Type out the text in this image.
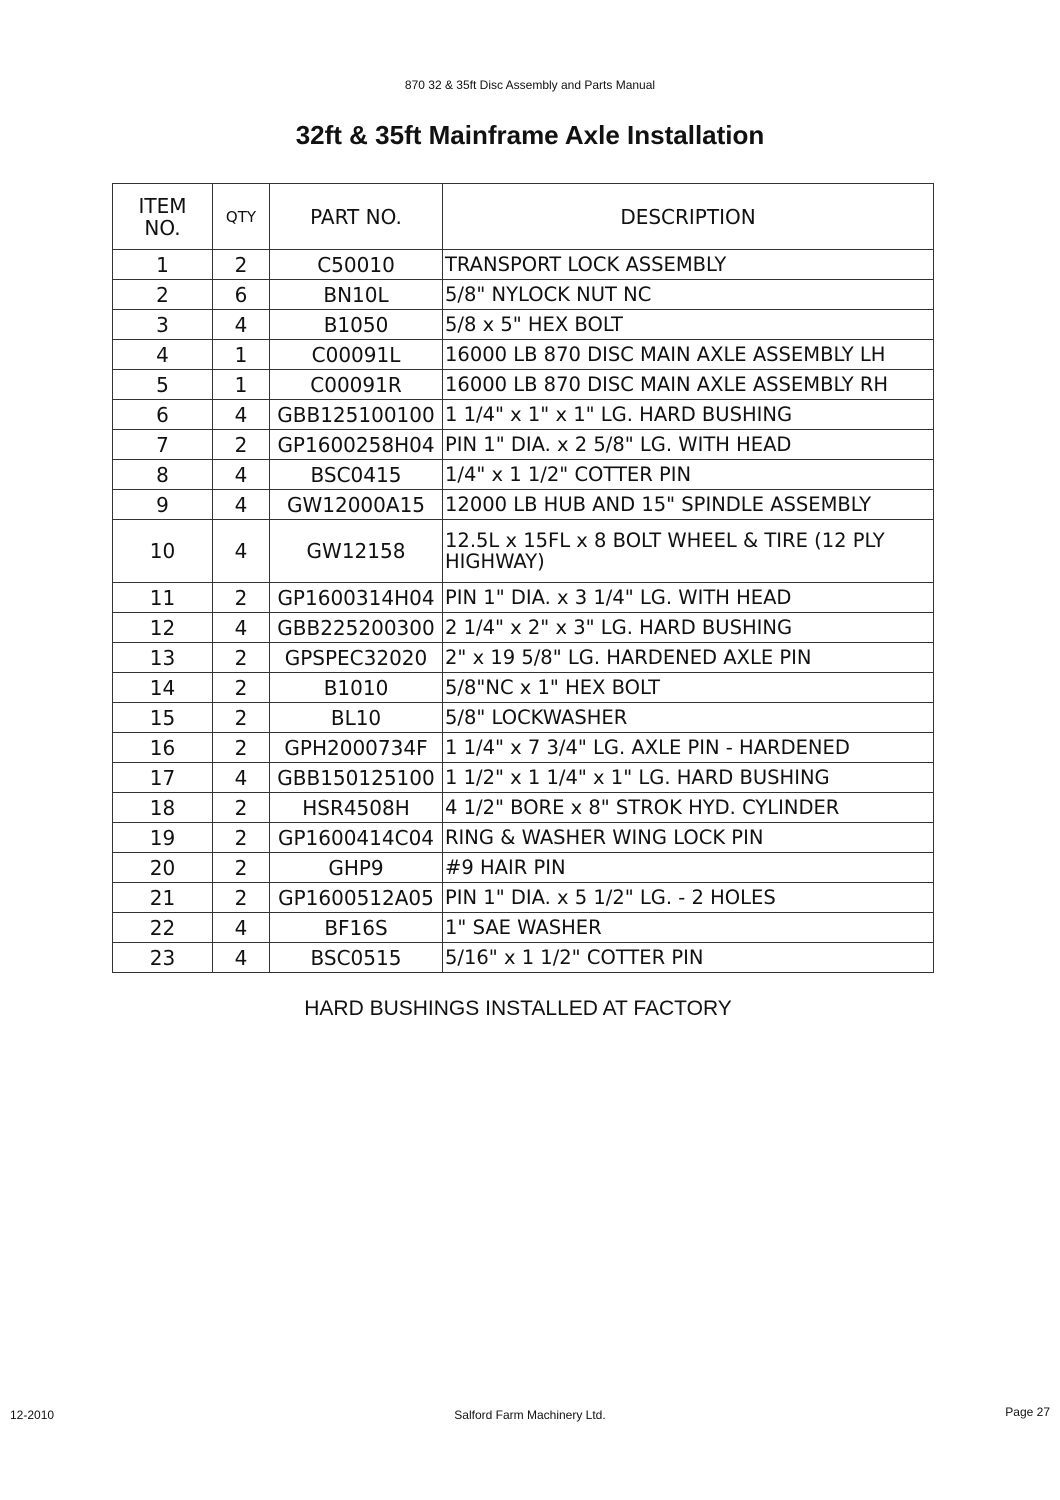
870 32 & 35ft Disc Assembly and Parts Manual
32ft & 35ft Mainframe Axle Installation
ITEM
NO.	QTY	PART NO.	DESCRIPTION
1	2	C50010	TRANSPORT LOCK ASSEMBLY
2	6	BN10L	5/8" NYLOCK NUT NC
3	4	B1050	5/8 x 5" HEX BOLT
4	1	C00091L	16000 LB 870 DISC MAIN AXLE ASSEMBLY LH
5	1	C00091R	16000 LB 870 DISC MAIN AXLE ASSEMBLY RH
6	4	GBB125100100	1 1/4" x 1" x 1" LG. HARD BUSHING
7	2	GP1600258H04	PIN 1" DIA. x 2 5/8" LG. WITH HEAD
8	4	BSC0415	1/4" x 1 1/2" COTTER PIN
9	4	GW12000A15	12000 LB HUB AND 15" SPINDLE ASSEMBLY
10	4	GW12158	12.5L x 15FL x 8 BOLT WHEEL & TIRE (12 PLY HIGHWAY)
11	2	GP1600314H04	PIN 1" DIA. x 3 1/4" LG. WITH HEAD
12	4	GBB225200300	2 1/4" x 2" x 3" LG. HARD BUSHING
13	2	GPSPEC32020	2" x 19 5/8" LG. HARDENED AXLE PIN
14	2	B1010	5/8"NC x 1" HEX BOLT
15	2	BL10	5/8" LOCKWASHER
16	2	GPH2000734F	1 1/4" x 7 3/4" LG. AXLE PIN - HARDENED
17	4	GBB150125100	1 1/2" x 1 1/4" x 1" LG. HARD BUSHING
18	2	HSR4508H	4 1/2" BORE x 8" STROK HYD. CYLINDER
19	2	GP1600414C04	RING & WASHER WING LOCK PIN
20	2	GHP9	#9 HAIR PIN
21	2	GP1600512A05	PIN 1" DIA. x 5 1/2" LG. - 2 HOLES
22	4	BF16S	1" SAE WASHER
23	4	BSC0515	5/16" x 1 1/2" COTTER PIN
HARD BUSHINGS INSTALLED AT FACTORY
12-2010	Salford Farm Machinery Ltd.	Page 27
